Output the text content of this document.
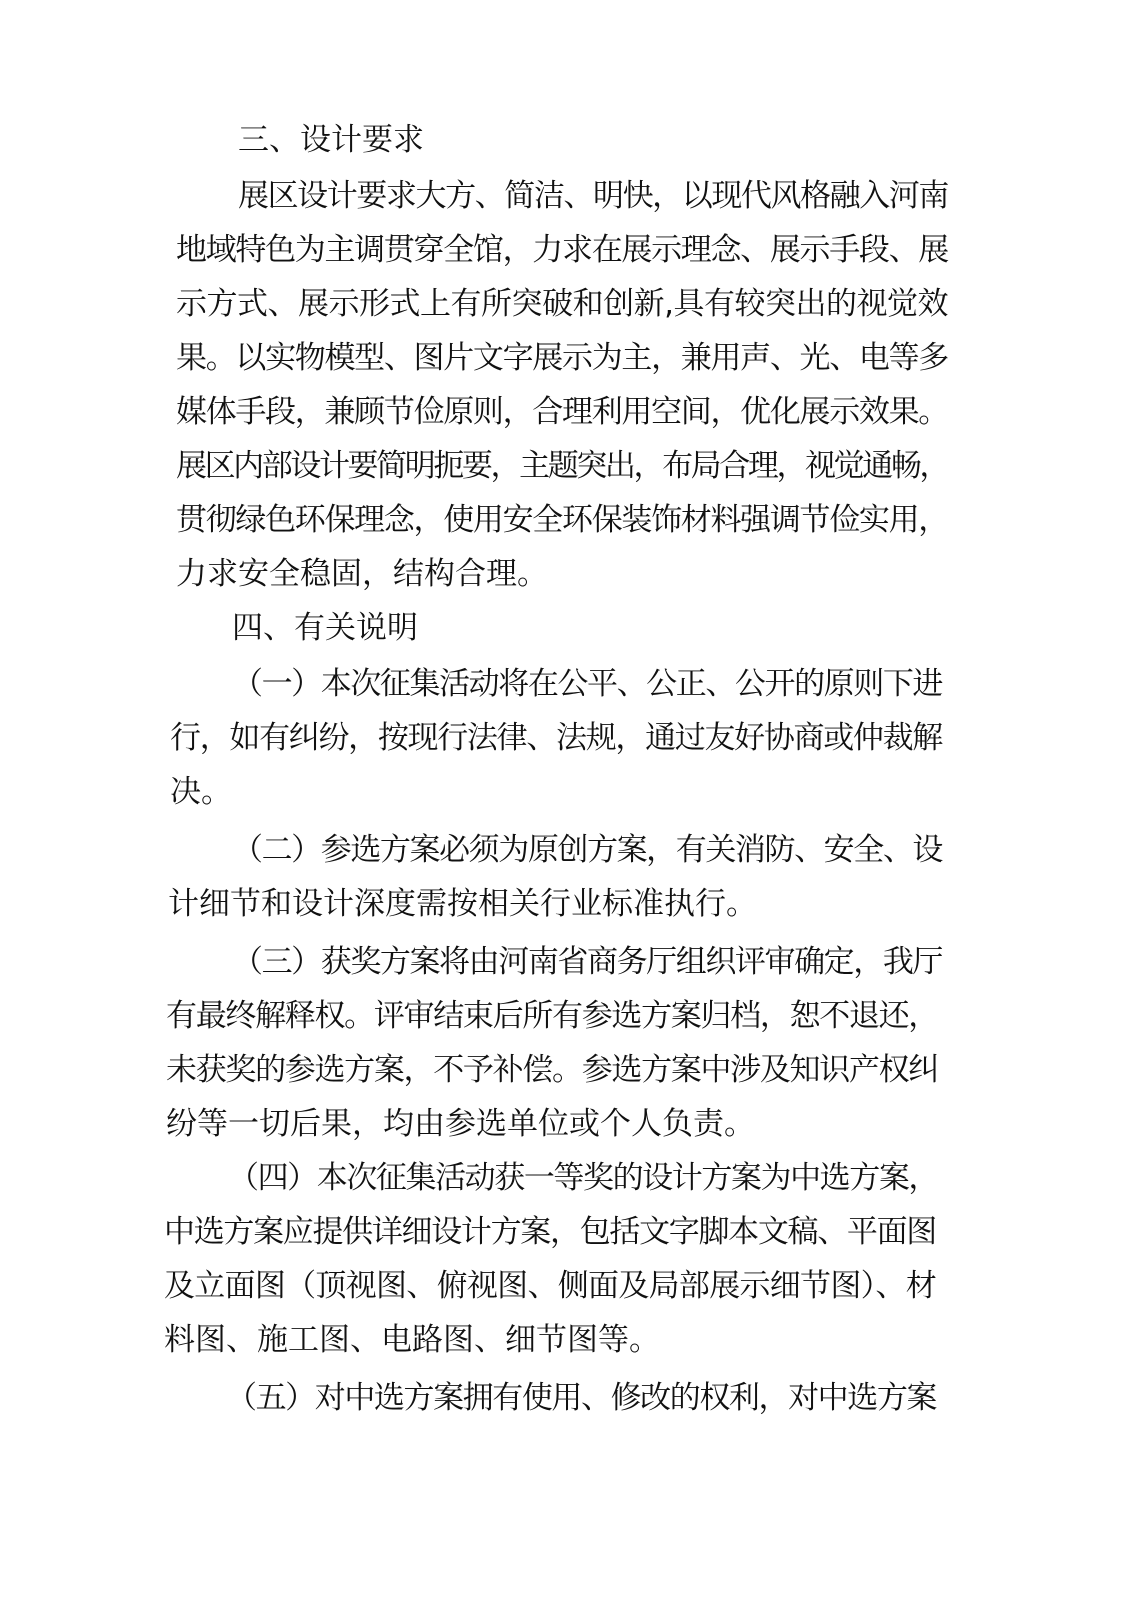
三、设计要求
展区设计要求大方、简洁、明快，以现代风格融入河南
地域特色为主调贯穿全馆，力求在展示理念、展示手段、展
示方式、展示形式上有所突破和创新,具有较突出的视觉效
果。以实物模型、图片文字展示为主，兼用声、光、电等多
媒体手段，兼顾节俭原则，合理利用空间，优化展示效果。
展区内部设计要简明扼要，主题突出，布局合理，视觉通畅，
贯彻绿色环保理念，使用安全环保装饰材料强调节俭实用，
力求安全稳固，结构合理。
四、有关说明
（一）本次征集活动将在公平、公正、公开的原则下进
行，如有纠纷，按现行法律、法规，通过友好协商或仲裁解
决。
（二）参选方案必须为原创方案，有关消防、安全、设
计细节和设计深度需按相关行业标准执行。
（三）获奖方案将由河南省商务厅组织评审确定，我厅
有最终解释权。评审结束后所有参选方案归档，恕不退还，
未获奖的参选方案，不予补偿。参选方案中涉及知识产权纠
纷等一切后果，均由参选单位或个人负责。
（四）本次征集活动获一等奖的设计方案为中选方案，
中选方案应提供详细设计方案，包括文字脚本文稿、平面图
及立面图（顶视图、俯视图、侧面及局部展示细节图）、材
料图、施工图、电路图、细节图等。
（五）对中选方案拥有使用、修改的权利，对中选方案
